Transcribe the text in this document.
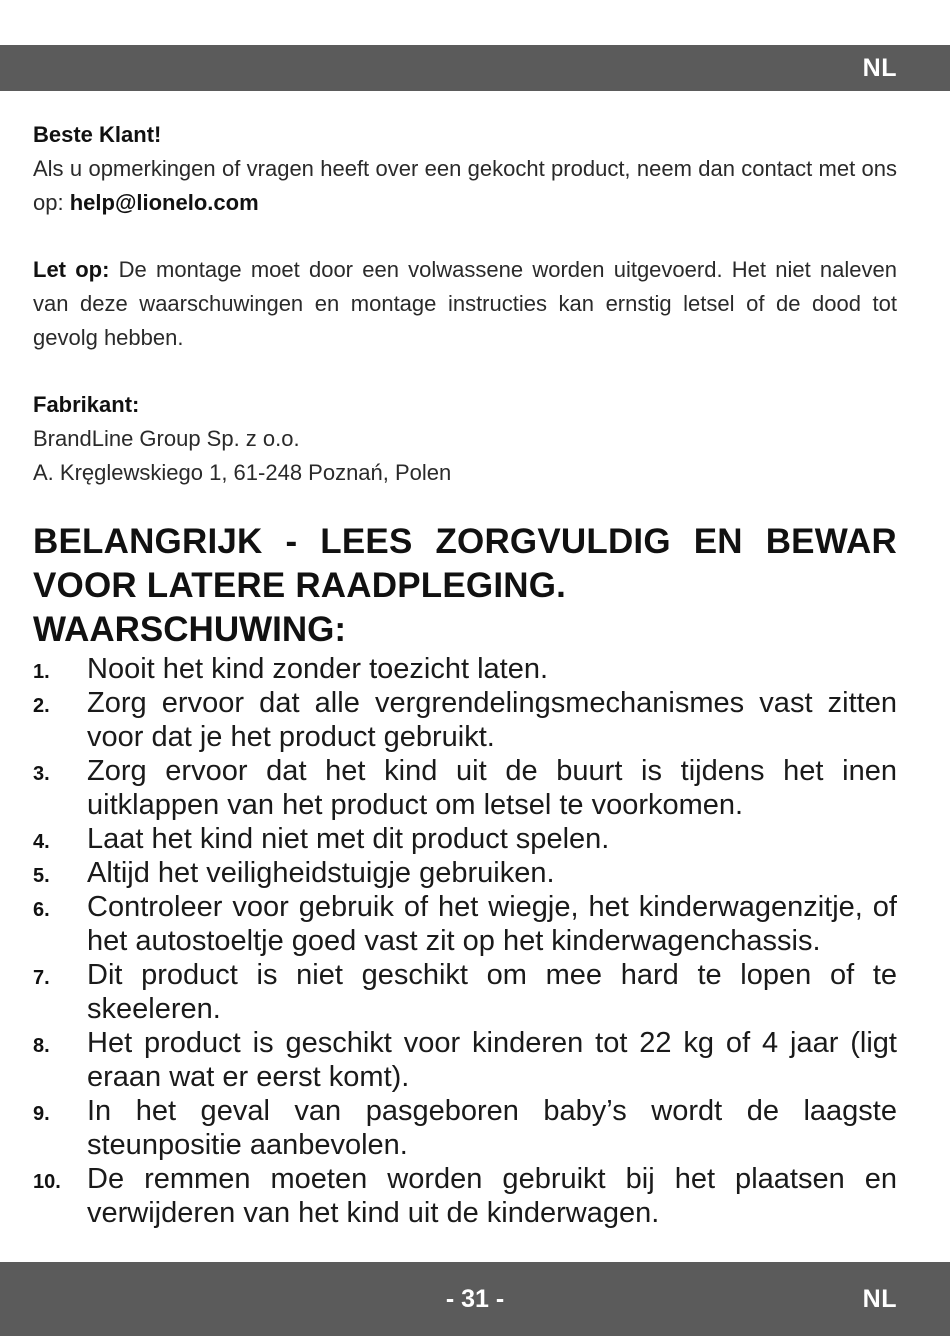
NL

Beste Klant!

Als u opmerkingen of vragen heeft over een gekocht product, neem dan contact met ons op: help@lionelo.com

Let op: De montage moet door een volwassene worden uitgevoerd. Het niet naleven van deze waarschuwingen en montage instructies kan ernstig letsel of de dood tot gevolg hebben.

Fabrikant:

BrandLine Group Sp. z o.o.

A. Kręglewskiego 1, 61-248 Poznań, Polen

BELANGRIJK - LEES ZORGVULDIG EN BEWAR VOOR LATERE RAADPLEGING.
WAARSCHUWING:
1. Nooit het kind zonder toezicht laten.
2. Zorg ervoor dat alle vergrendelingsmechanismes vast zitten voor dat je het product gebruikt.
3. Zorg ervoor dat het kind uit de buurt is tijdens het inen uitklappen van het product om letsel te voorkomen.
4. Laat het kind niet met dit product spelen.
5. Altijd het veiligheidstuigje gebruiken.
6. Controleer voor gebruik of het wiegje, het kinderwagenzitje, of het autostoeltje goed vast zit op het kinderwagenchassis.
7. Dit product is niet geschikt om mee hard te lopen of te skeeleren.
8. Het product is geschikt voor kinderen tot 22 kg of 4 jaar (ligt eraan wat er eerst komt).
9. In het geval van pasgeboren baby’s wordt de laagste steunpositie aanbevolen.
10. De remmen moeten worden gebruikt bij het plaatsen en verwijderen van het kind uit de kinderwagen.
- 31 -	NL
